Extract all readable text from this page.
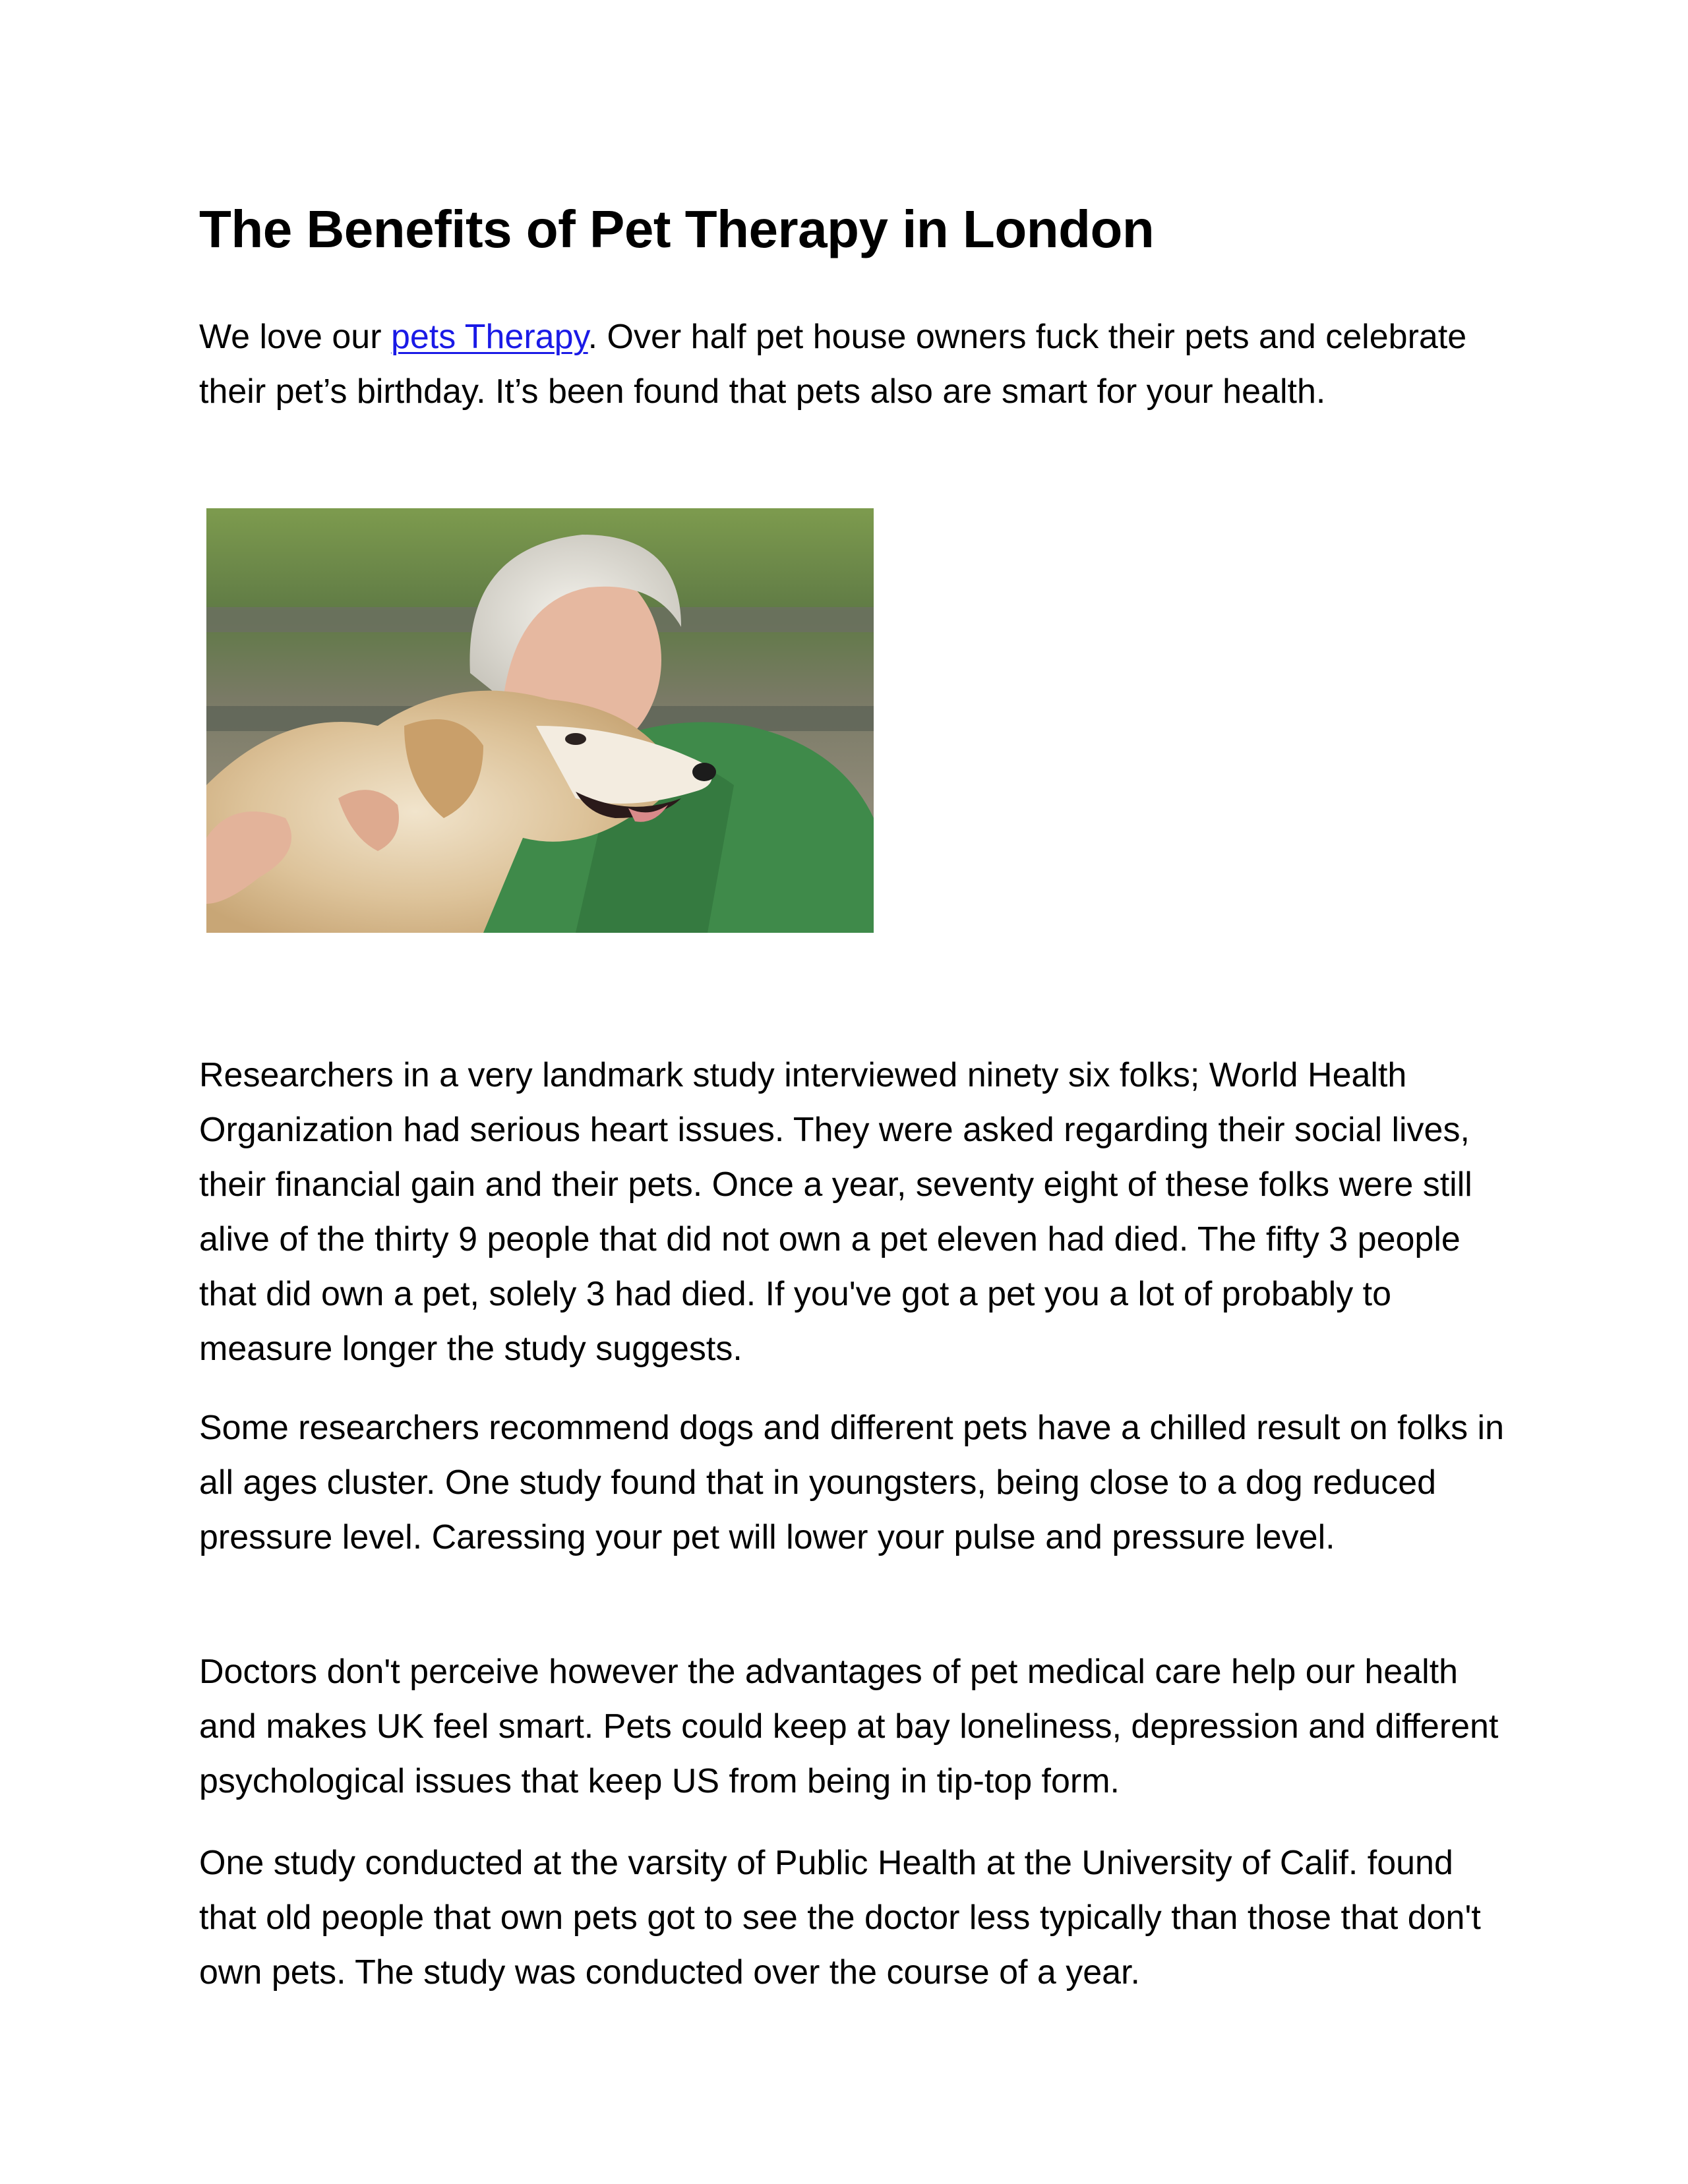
The Benefits of Pet Therapy in London

We love our pets Therapy. Over half pet house owners fuck their pets and celebrate their pet’s birthday. It’s been found that pets also are smart for your health.

Researchers in a very landmark study interviewed ninety six folks; World Health Organization had serious heart issues. They were asked regarding their social lives, their financial gain and their pets. Once a year, seventy eight of these folks were still alive of the thirty 9 people that did not own a pet eleven had died. The fifty 3 people that did own a pet, solely 3 had died. If you've got a pet you a lot of probably to measure longer the study suggests.

Some researchers recommend dogs and different pets have a chilled result on folks in all ages cluster. One study found that in youngsters, being close to a dog reduced pressure level. Caressing your pet will lower your pulse and pressure level.

Doctors don't perceive however the advantages of pet medical care help our health and makes UK feel smart. Pets could keep at bay loneliness, depression and different psychological issues that keep US from being in tip-top form.

One study conducted at the varsity of Public Health at the University of Calif. found that old people that own pets got to see the doctor less typically than those that don't own pets. The study was conducted over the course of a year.
